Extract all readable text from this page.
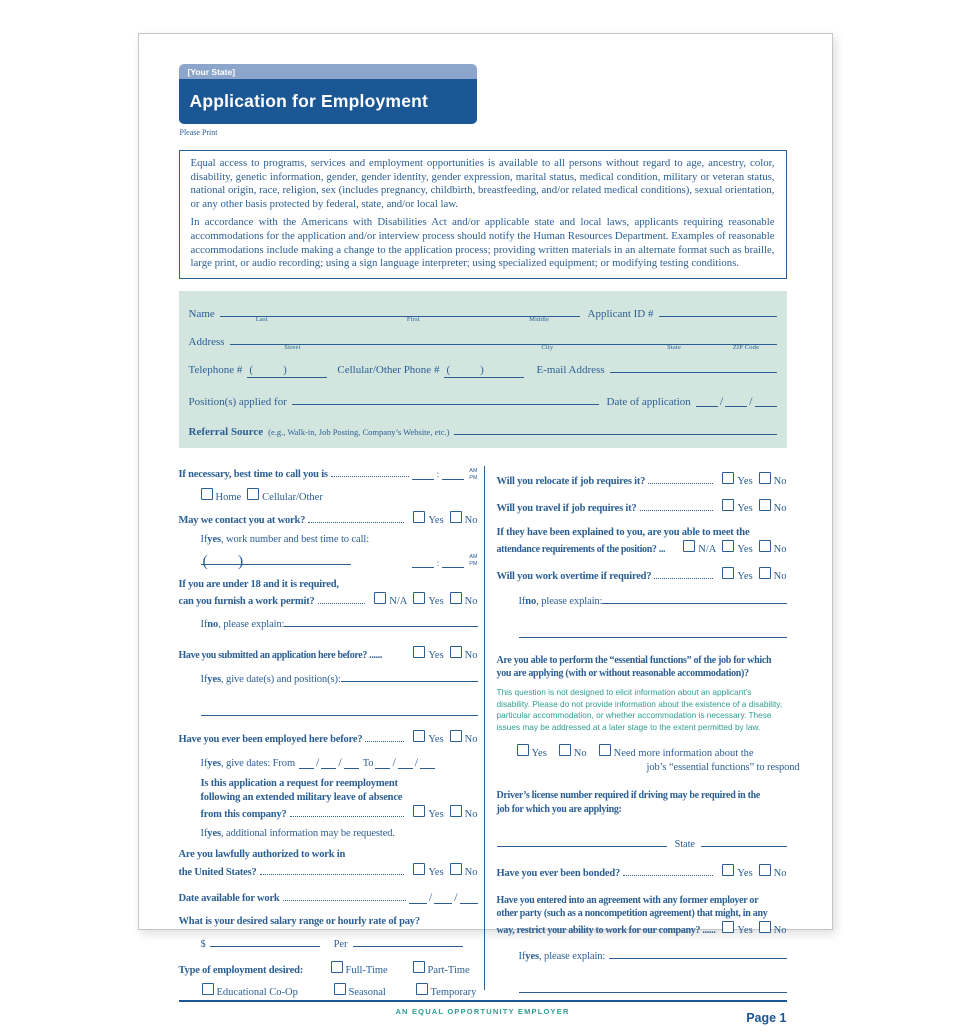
[Your State]
Application for Employment
Please Print

Equal access to programs, services and employment opportunities is available to all persons without regard to age, ancestry, color, disability, genetic information, gender, gender identity, gender expression, marital status, medical condition, military or veteran status, national origin, race, religion, sex (includes pregnancy, childbirth, breastfeeding, and/or related medical conditions), sexual orientation, or any other basis protected by federal, state, and/or local law.

In accordance with the Americans with Disabilities Act and/or applicable state and local laws, applicants requiring reasonable accommodations for the application and/or interview process should notify the Human Resources Department. Examples of reasonable accommodations include making a change to the application process; providing written materials in an alternate format such as braille, large print, or audio recording; using a sign language interpreter; using specialized equipment; or modifying testing conditions.

Name	Last	First	Middle	Applicant ID #
Address	Street	City	State	ZIP Code
Telephone # (	)	Cellular/Other Phone # (	)	E-mail Address
Position(s) applied for	Date of application / /
Referral Source (e.g., Walk-in, Job Posting, Company’s Website, etc.)
If necessary, best time to call you is	:	AM
PM
Home Cellular/Other
May we contact you at work?	Yes No
If yes , work number and best time to call:
( )	:
AM
PM
If you are under 18 and it is required,
can you furnish a work permit?	N/A Yes No
If no , please explain:
Have you submitted an application here before? ......	Yes No
If yes , give date(s) and position(s):
Have you ever been employed here before?	Yes No
If yes , give dates: From / / To / /
Is this application a request for reemployment
following an extended military leave of absence
from this company?	Yes No
If yes , additional information may be requested.
Are you lawfully authorized to work in
the United States?	Yes No
Date available for work	/ /
What is your desired salary range or hourly rate of pay?
$	Per
Type of employment desired:	Full-Time	Part-Time
Educational Co-Op	Seasonal	Temporary
Will you relocate if job requires it?	Yes No
Will you travel if job requires it?	Yes No
If they have been explained to you, are you able to meet the
attendance requirements of the position? ...	N/A Yes No
Will you work overtime if required?	Yes No
If no , please explain:
Are you able to perform the “essential functions” of the job for which
you are applying (with or without reasonable accommodation)?
This question is not designed to elicit information about an applicant’s disability. Please do not provide information about the existence of a disability, particular accommodation, or whether accommodation is necessary. These issues may be addressed at a later stage to the extent permitted by law.
Yes	No	Need more information about the
job’s “essential functions” to respond
Driver’s license number required if driving may be required in the
job for which you are applying:
State
Have you ever been bonded?	Yes No
Have you entered into an agreement with any former employer or
other party (such as a noncompetition agreement) that might, in any
way, restrict your ability to work for our company? ...... Yes No
If yes , please explain:
AN EQUAL OPPORTUNITY EMPLOYER	Page 1
